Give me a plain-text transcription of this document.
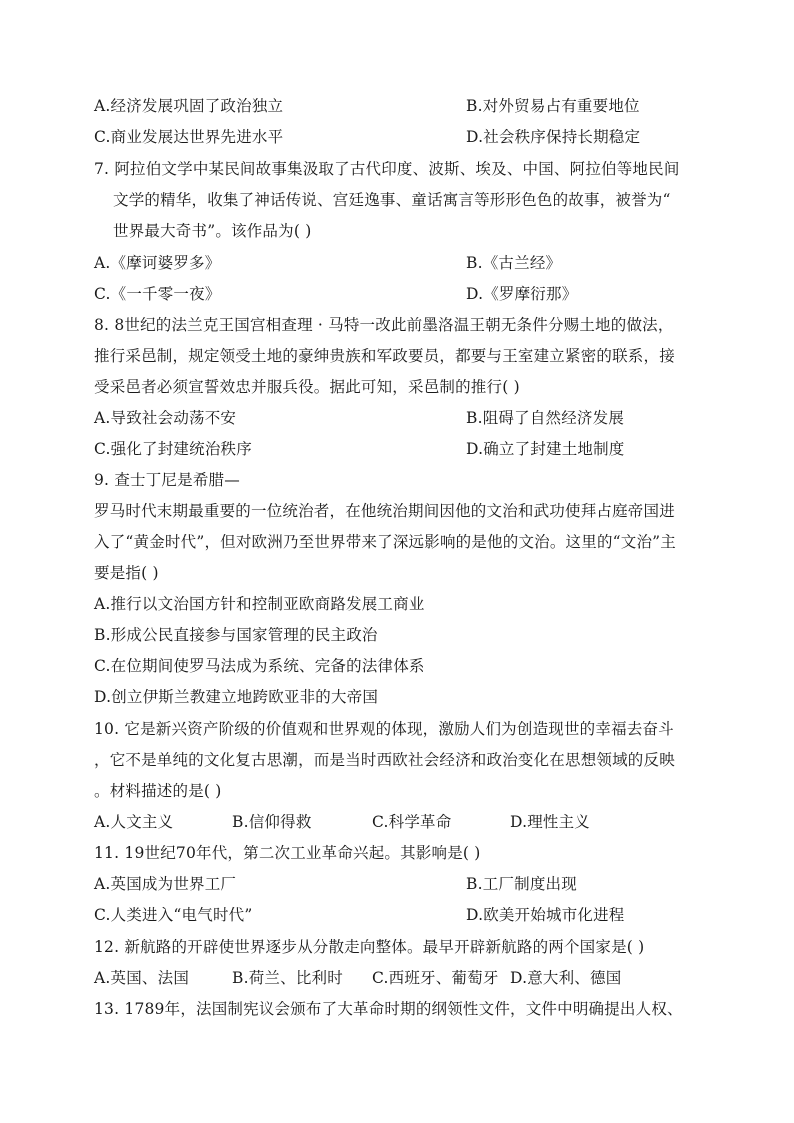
A.经济发展巩固了政治独立	B.对外贸易占有重要地位
C.商业发展达世界先进水平	D.社会秩序保持长期稳定
7. 阿拉伯文学中某民间故事集汲取了古代印度、波斯、埃及、中国、阿拉伯等地民间
文学的精华，收集了神话传说、宫廷逸事、童话寓言等形形色色的故事，被誉为“
世界最大奇书”。该作品为( )
A.《摩诃婆罗多》	B.《古兰经》
C.《一千零一夜》	D.《罗摩衍那》
8. 8世纪的法兰克王国宫相查理 · 马特一改此前墨洛温王朝无条件分赐土地的做法，
推行采邑制，规定领受土地的豪绅贵族和军政要员，都要与王室建立紧密的联系，接
受采邑者必须宣誓效忠并服兵役。据此可知，采邑制的推行( )
A.导致社会动荡不安	B.阻碍了自然经济发展
C.强化了封建统治秩序	D.确立了封建土地制度
9. 查士丁尼是希腊—
罗马时代末期最重要的一位统治者，在他统治期间因他的文治和武功使拜占庭帝国进
入了“黄金时代”，但对欧洲乃至世界带来了深远影响的是他的文治。这里的“文治”主
要是指( )
A.推行以文治国方针和控制亚欧商路发展工商业
B.形成公民直接参与国家管理的民主政治
C.在位期间使罗马法成为系统、完备的法律体系
D.创立伊斯兰教建立地跨欧亚非的大帝国
10. 它是新兴资产阶级的价值观和世界观的体现，激励人们为创造现世的幸福去奋斗
，它不是单纯的文化复古思潮，而是当时西欧社会经济和政治变化在思想领域的反映
。材料描述的是( )
A.人文主义	B.信仰得救	C.科学革命	D.理性主义
11. 19世纪70年代，第二次工业革命兴起。其影响是( )
A.英国成为世界工厂	B.工厂制度出现
C.人类进入“电气时代”	D.欧美开始城市化进程
12. 新航路的开辟使世界逐步从分散走向整体。最早开辟新航路的两个国家是( )
A.英国、法国	B.荷兰、比利时 C.西班牙、葡萄牙 D.意大利、德国
13. 1789年，法国制宪议会颁布了大革命时期的纲领性文件，文件中明确提出人权、
